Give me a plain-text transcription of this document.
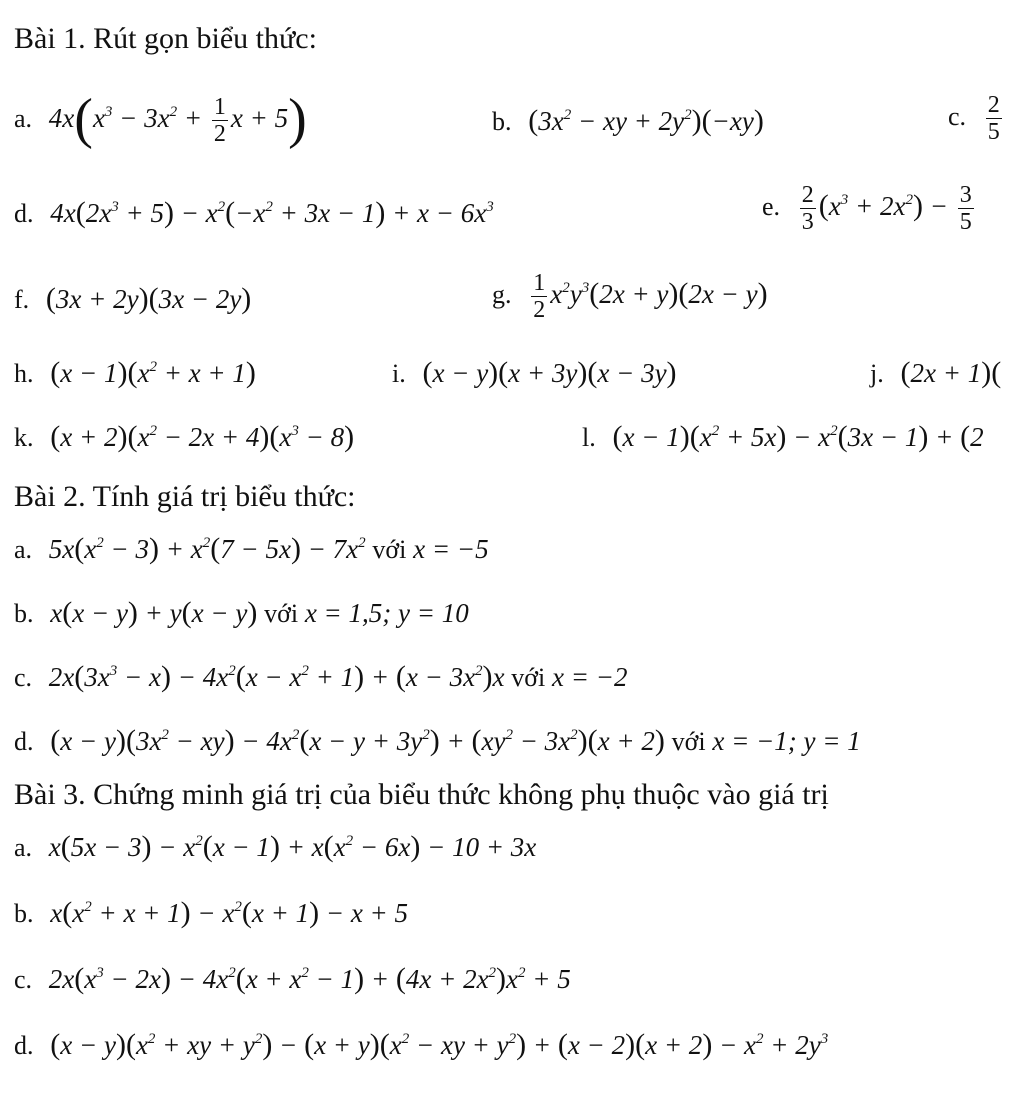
Bài 1. Rút gọn biểu thức:
a. $4x(x^3 - 3x^2 + \frac{1}{2}$ x + 5)	b. ($3x^2$ − xy + $2y^2)(-xy)$	c. $\frac{2}{5}$
d. $4x(2x^3 + 5) - x^2(-x^2 + 3x - 1) + x - 6x^3$	e. $\frac{2}{3} (x^3 + 2x^2) - \frac{3}{5}$
f. (3x + 2y)(3x − 2y)	g. $\frac{1}{2} x^2y^3(2x + y)(2x - y)$
h. $(x - 1)(x^2 + x + 1)$	i. (x − y)(x + 3y)(x − 3y)	j. (2x + 1)(
k. $(x + 2)(x^2 - 2x + 4)(x^3 - 8)$	l. $(x - 1)(x^2 + 5x) - x^2(3x - 1) + (2$
Bài 2. Tính giá trị biểu thức:
a. $5x(x^2 - 3) + x^2(7 - 5x) - 7x^2$ với x = −5
b. x(x − y) + y(x − y) với x = 1,5; y = 10
c. $2x(3x^3 - x) - 4x^2(x - x^2 + 1) + (x - 3x^2)x$ với x = −2
d. $(x - y)(3x^2 - xy) - 4x^2(x - y + 3y^2) + (xy^2 - 3x^2)(x + 2)$ với x = −1; y = 1
Bài 3. Chứng minh giá trị của biểu thức không phụ thuộc vào giá trị
a. $x(5x - 3) - x^2(x - 1) + x(x^2 - 6x) - 10 + 3x$
b. $x(x^2 + x + 1) - x^2(x + 1) - x + 5$
c. $2x(x^3 - 2x) - 4x^2(x + x^2 - 1) + (4x + 2x^2)x^2 + 5$
d. $(x - y)(x^2$ + xy + $y^2) - (x + y)(x^2$ − xy + $y^2) + (x - 2)(x + 2) - x^2 + 2y^3$
